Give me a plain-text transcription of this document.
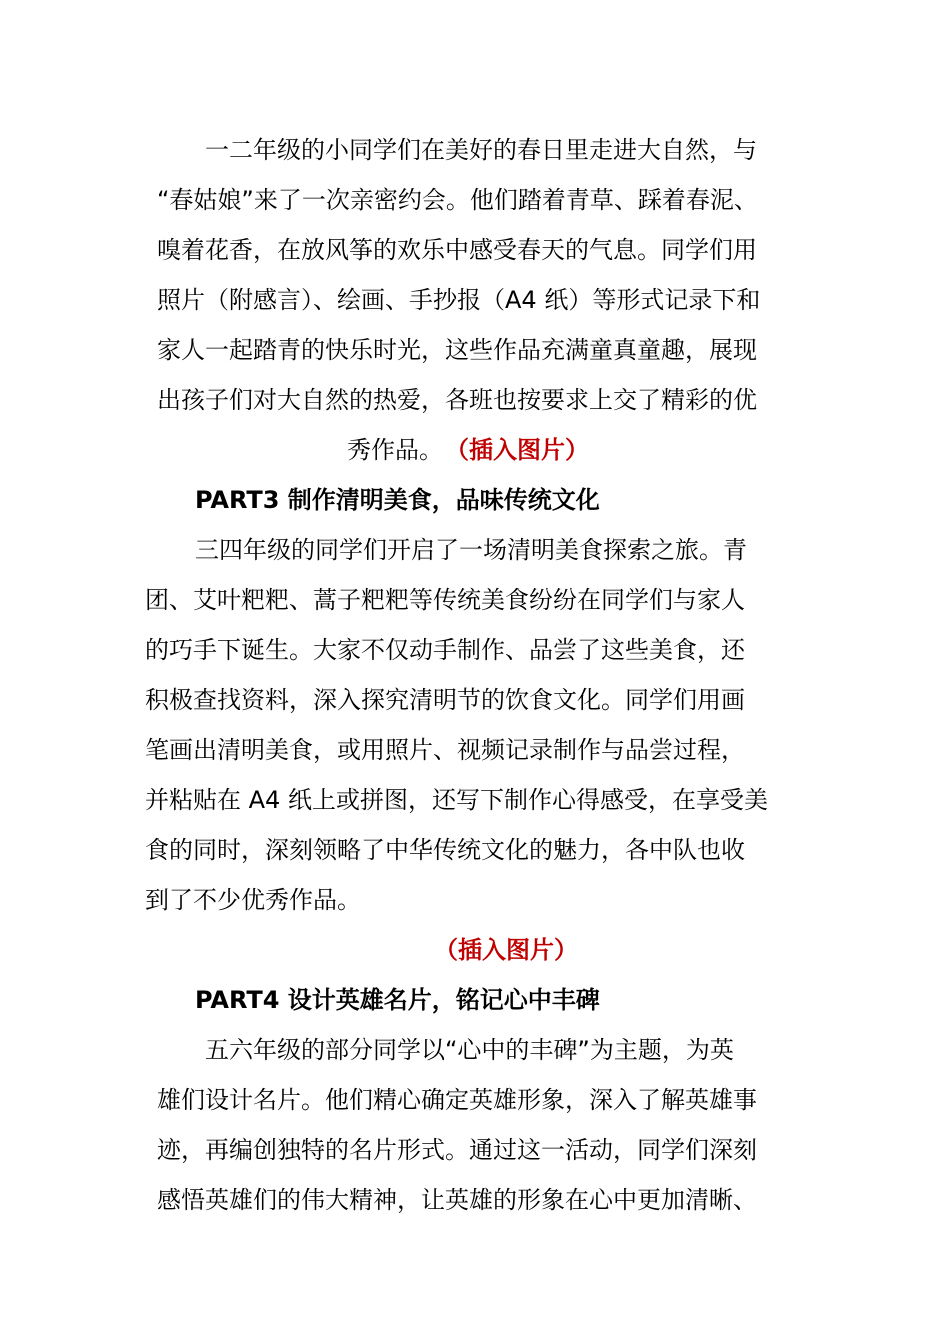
一二年级的小同学们在美好的春日里走进大自然，与
“春姑娘”来了一次亲密约会。他们踏着青草、踩着春泥、
嗅着花香，在放风筝的欢乐中感受春天的气息。同学们用
照片（附感言）、绘画、手抄报（A4 纸）等形式记录下和
家人一起踏青的快乐时光，这些作品充满童真童趣，展现
出孩子们对大自然的热爱，各班也按要求上交了精彩的优
秀作品。 （插入图片）
PART3 制作清明美食，品味传统文化
三四年级的同学们开启了一场清明美食探索之旅。青
团、艾叶粑粑、蒿子粑粑等传统美食纷纷在同学们与家人
的巧手下诞生。大家不仅动手制作、品尝了这些美食，还
积极查找资料，深入探究清明节的饮食文化。同学们用画
笔画出清明美食，或用照片、视频记录制作与品尝过程，
并粘贴在 A4 纸上或拼图，还写下制作心得感受，在享受美
食的同时，深刻领略了中华传统文化的魅力，各中队也收
到了不少优秀作品。
（插入图片）
PART4 设计英雄名片，铭记心中丰碑
五六年级的部分同学以“心中的丰碑”为主题，为英
雄们设计名片。他们精心确定英雄形象，深入了解英雄事
迹，再编创独特的名片形式。通过这一活动，同学们深刻
感悟英雄们的伟大精神，让英雄的形象在心中更加清晰、
